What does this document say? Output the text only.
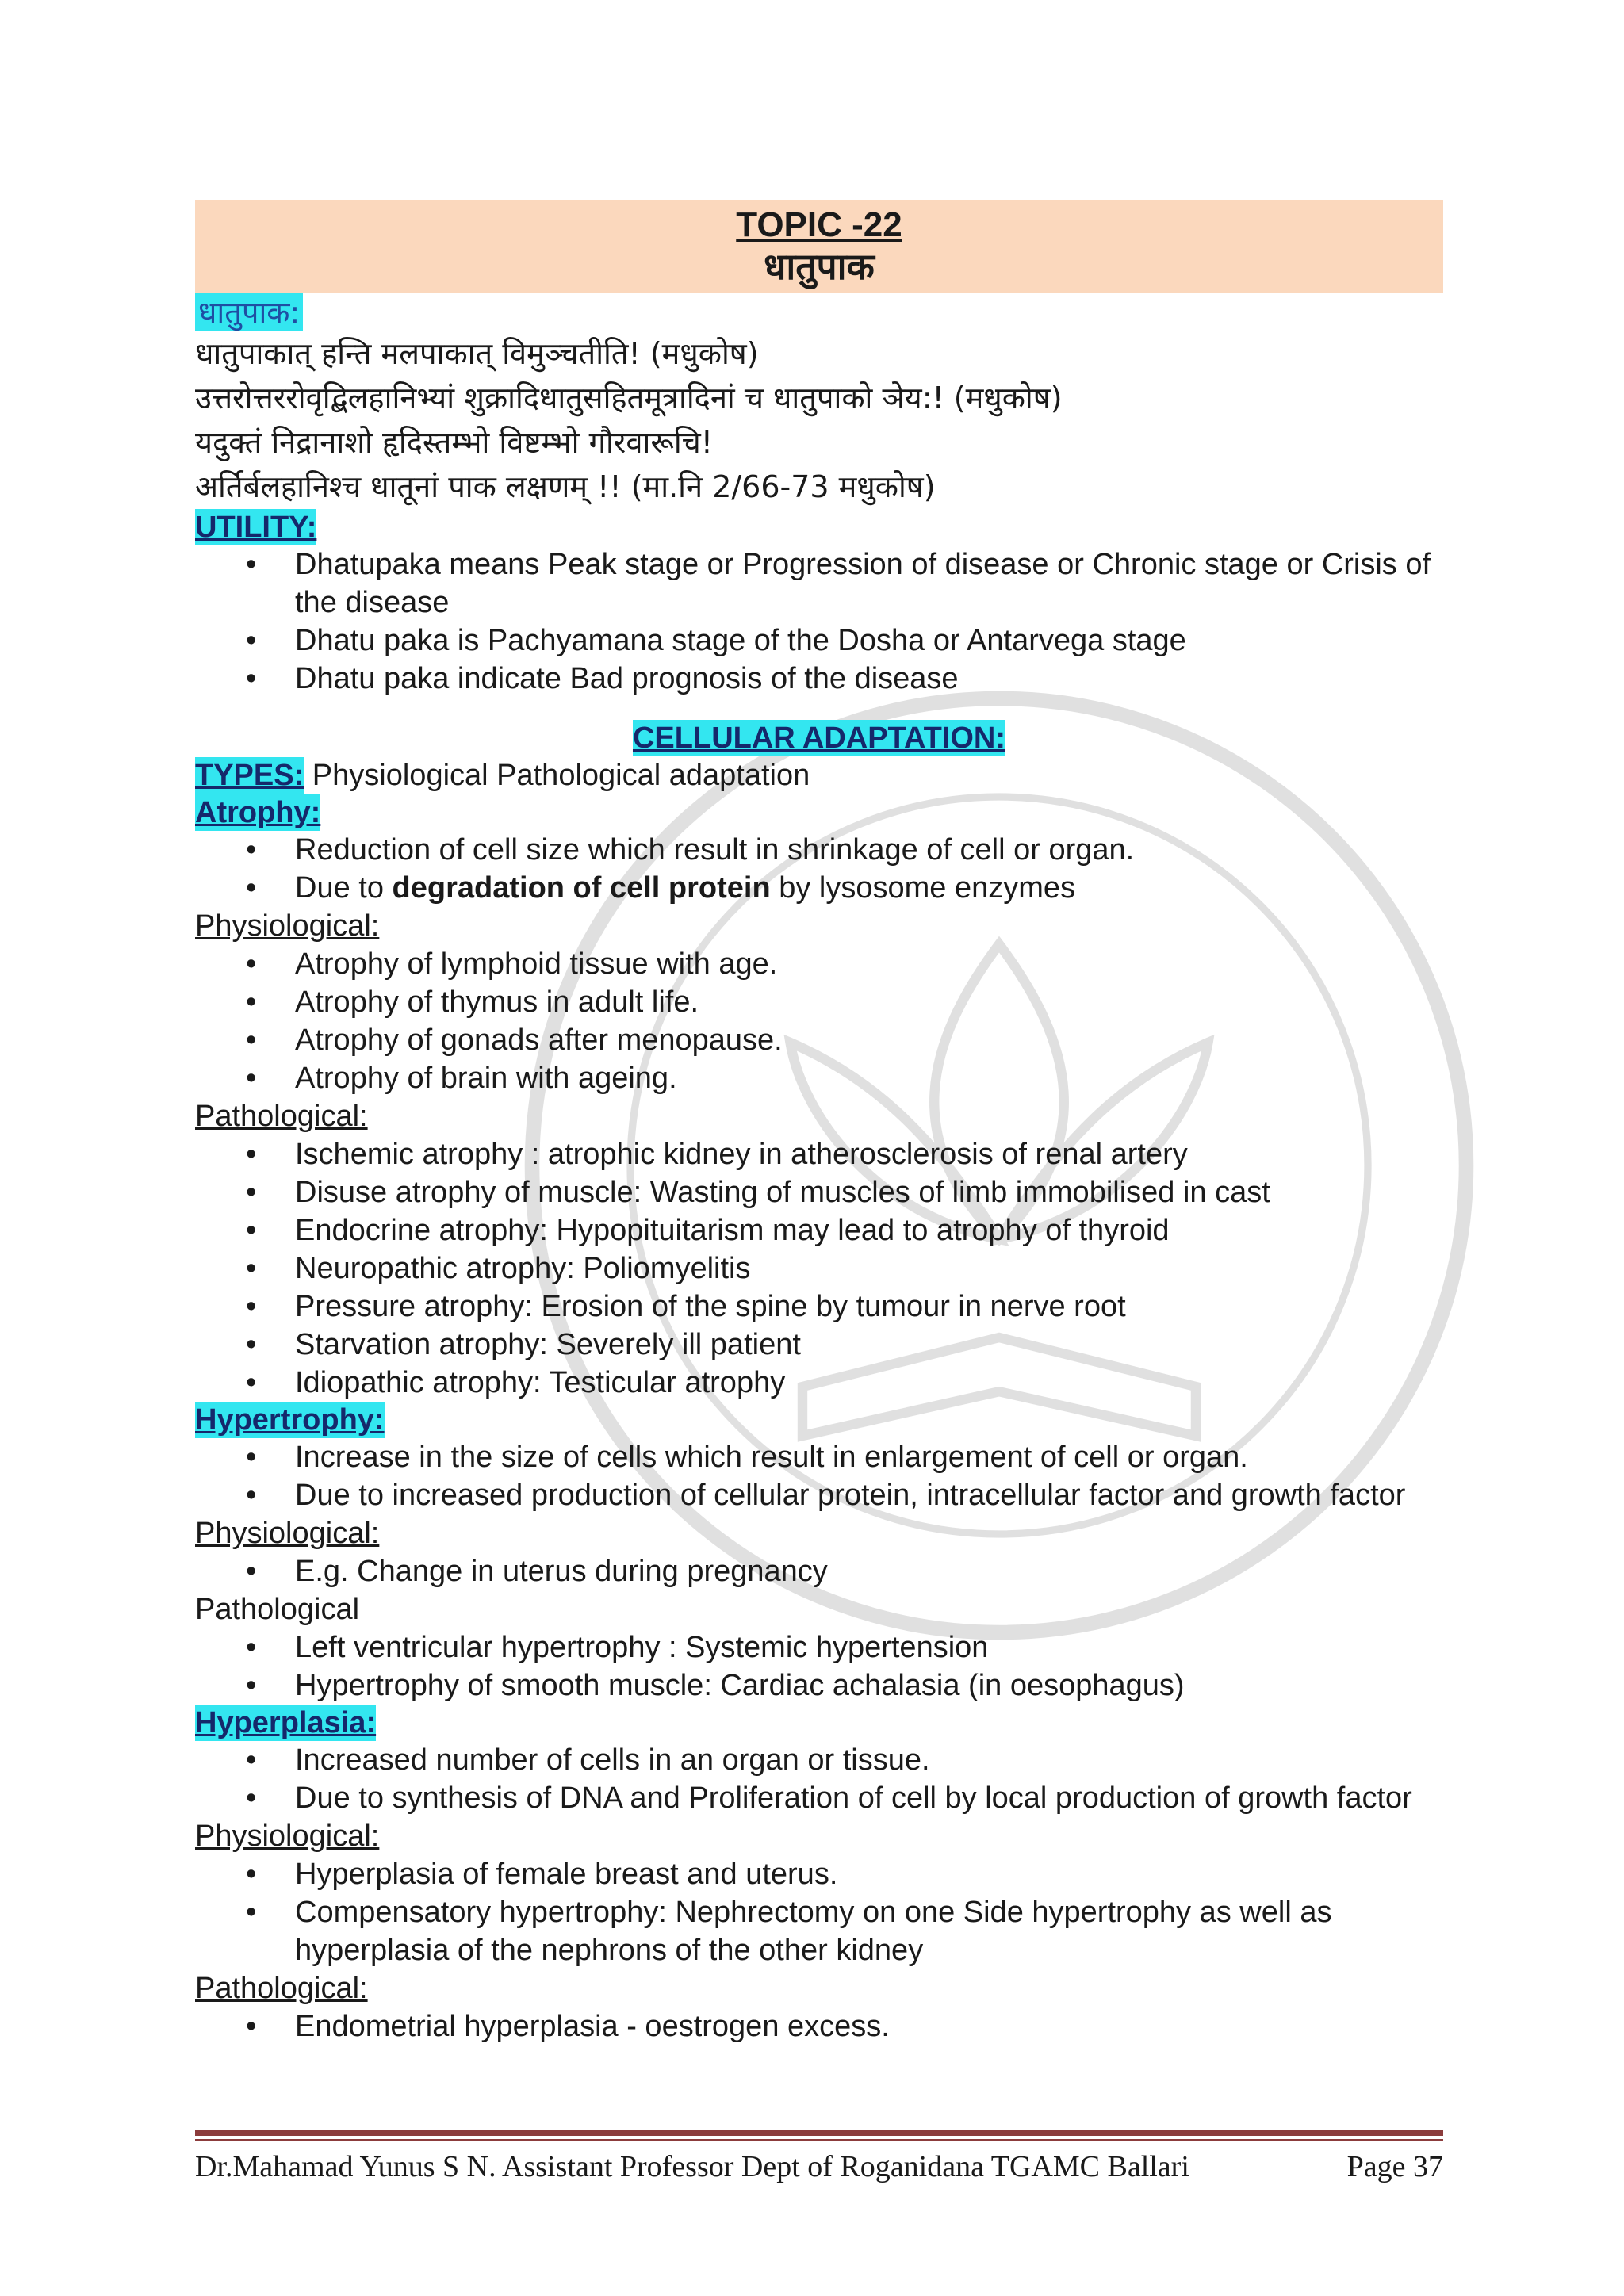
TOPIC -22
धातुपाक
धातुपाक:
धातुपाकात् हन्ति मलपाकात् विमुञ्चतीति! (मधुकोष)
उत्तरोत्तररोवृद्बिलहानिभ्यां शुक्रादिधातुसहितमूत्रादिनां च धातुपाको ञेय:! (मधुकोष)
यदुक्तं निद्रानाशो हृदिस्तम्भो विष्टम्भो गौरवारूचि!
अर्तिर्बलहानिश्च धातूनां पाक लक्षणम् !! (मा.नि 2/66-73 मधुकोष)
UTILITY:
• Dhatupaka means Peak stage or Progression of disease or Chronic stage or Crisis of the disease
• Dhatu paka is Pachyamana stage of the Dosha or Antarvega stage
• Dhatu paka indicate Bad prognosis of the disease
CELLULAR ADAPTATION:
TYPES: Physiological Pathological adaptation
Atrophy:
• Reduction of cell size which result in shrinkage of cell or organ.
• Due to degradation of cell protein by lysosome enzymes
Physiological:
• Atrophy of lymphoid tissue with age.
• Atrophy of thymus in adult life.
• Atrophy of gonads after menopause.
• Atrophy of brain with ageing.
Pathological:
• Ischemic atrophy : atrophic kidney in atherosclerosis of renal artery
• Disuse atrophy of muscle: Wasting of muscles of limb immobilised in cast
• Endocrine atrophy: Hypopituitarism may lead to atrophy of thyroid
• Neuropathic atrophy: Poliomyelitis
• Pressure atrophy: Erosion of the spine by tumour in nerve root
• Starvation atrophy: Severely ill patient
• Idiopathic atrophy: Testicular atrophy
Hypertrophy:
• Increase in the size of cells which result in enlargement of cell or organ.
• Due to increased production of cellular protein, intracellular factor and growth factor
Physiological:
• E.g. Change in uterus during pregnancy
Pathological
• Left ventricular hypertrophy : Systemic hypertension
• Hypertrophy of smooth muscle: Cardiac achalasia (in oesophagus)
Hyperplasia:
• Increased number of cells in an organ or tissue.
• Due to synthesis of DNA and Proliferation of cell by local production of growth factor
Physiological:
• Hyperplasia of female breast and uterus.
• Compensatory hypertrophy: Nephrectomy on one Side hypertrophy as well as hyperplasia of the nephrons of the other kidney
Pathological:
• Endometrial hyperplasia - oestrogen excess.
Dr.Mahamad Yunus S N. Assistant Professor Dept of Roganidana TGAMC Ballari	Page 37
